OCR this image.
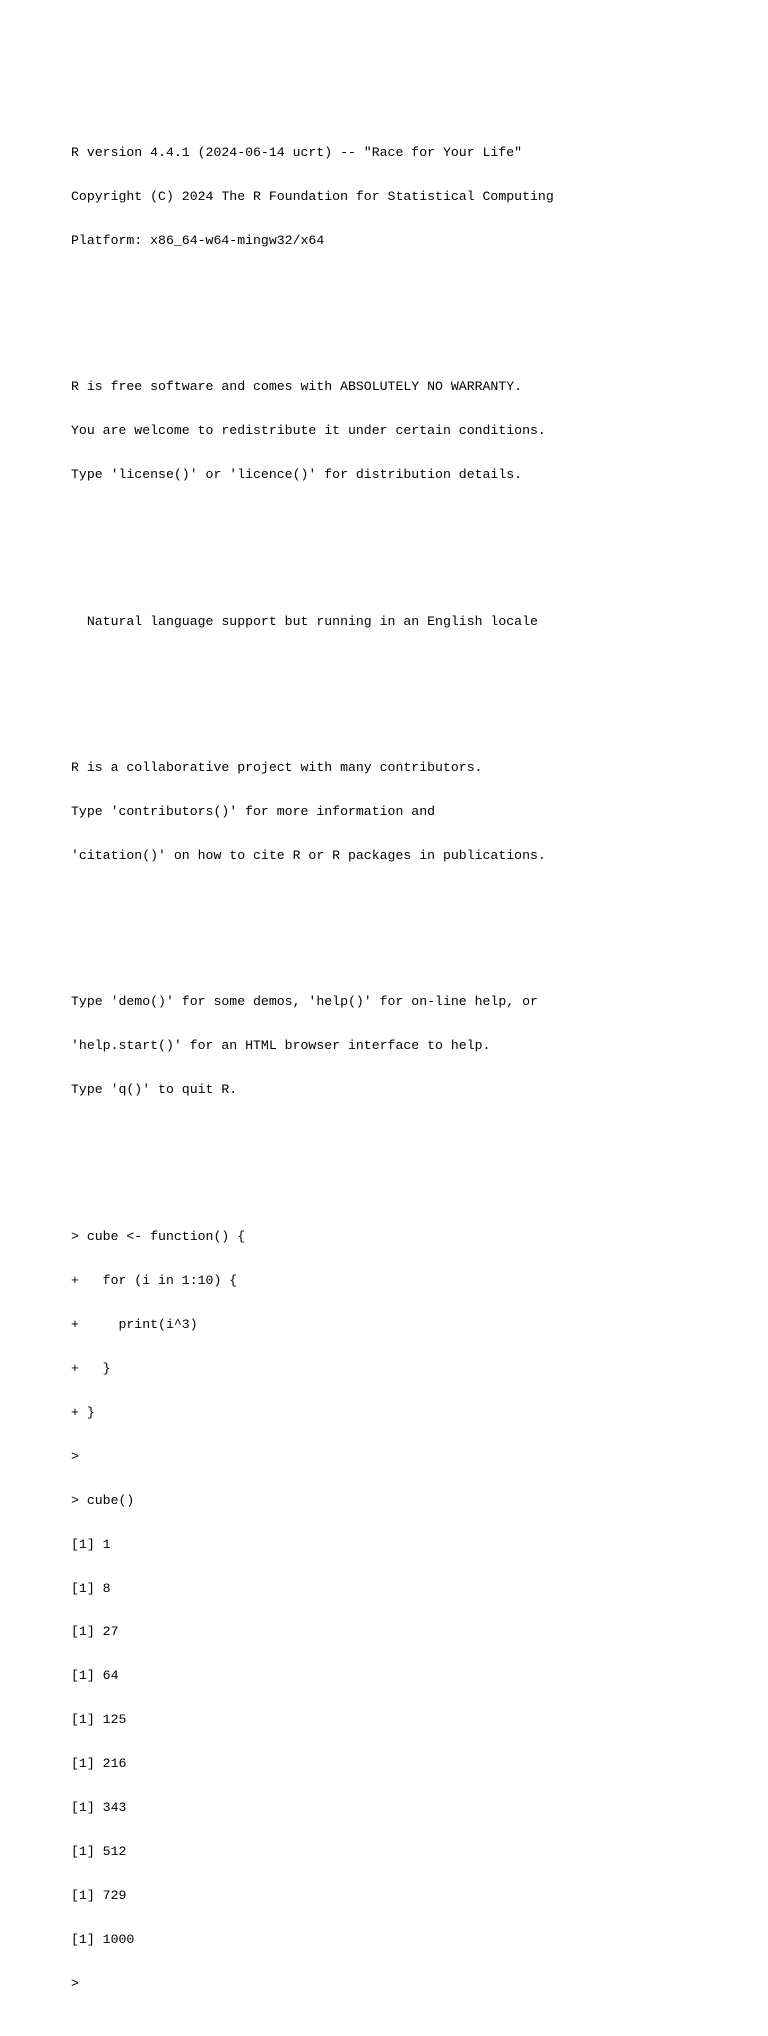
R version 4.4.1 (2024-06-14 ucrt) -- "Race for Your Life"

Copyright (C) 2024 The R Foundation for Statistical Computing

Platform: x86_64-w64-mingw32/x64

R is free software and comes with ABSOLUTELY NO WARRANTY.

You are welcome to redistribute it under certain conditions.

Type 'license()' or 'licence()' for distribution details.

Natural language support but running in an English locale

R is a collaborative project with many contributors.

Type 'contributors()' for more information and

'citation()' on how to cite R or R packages in publications.

Type 'demo()' for some demos, 'help()' for on-line help, or

'help.start()' for an HTML browser interface to help.

Type 'q()' to quit R.

> cube <- function() {

+   for (i in 1:10) {

+     print(i^3)

+   }

+ }

>

> cube()

[1] 1

[1] 8

[1] 27

[1] 64

[1] 125

[1] 216

[1] 343

[1] 512

[1] 729

[1] 1000

>
